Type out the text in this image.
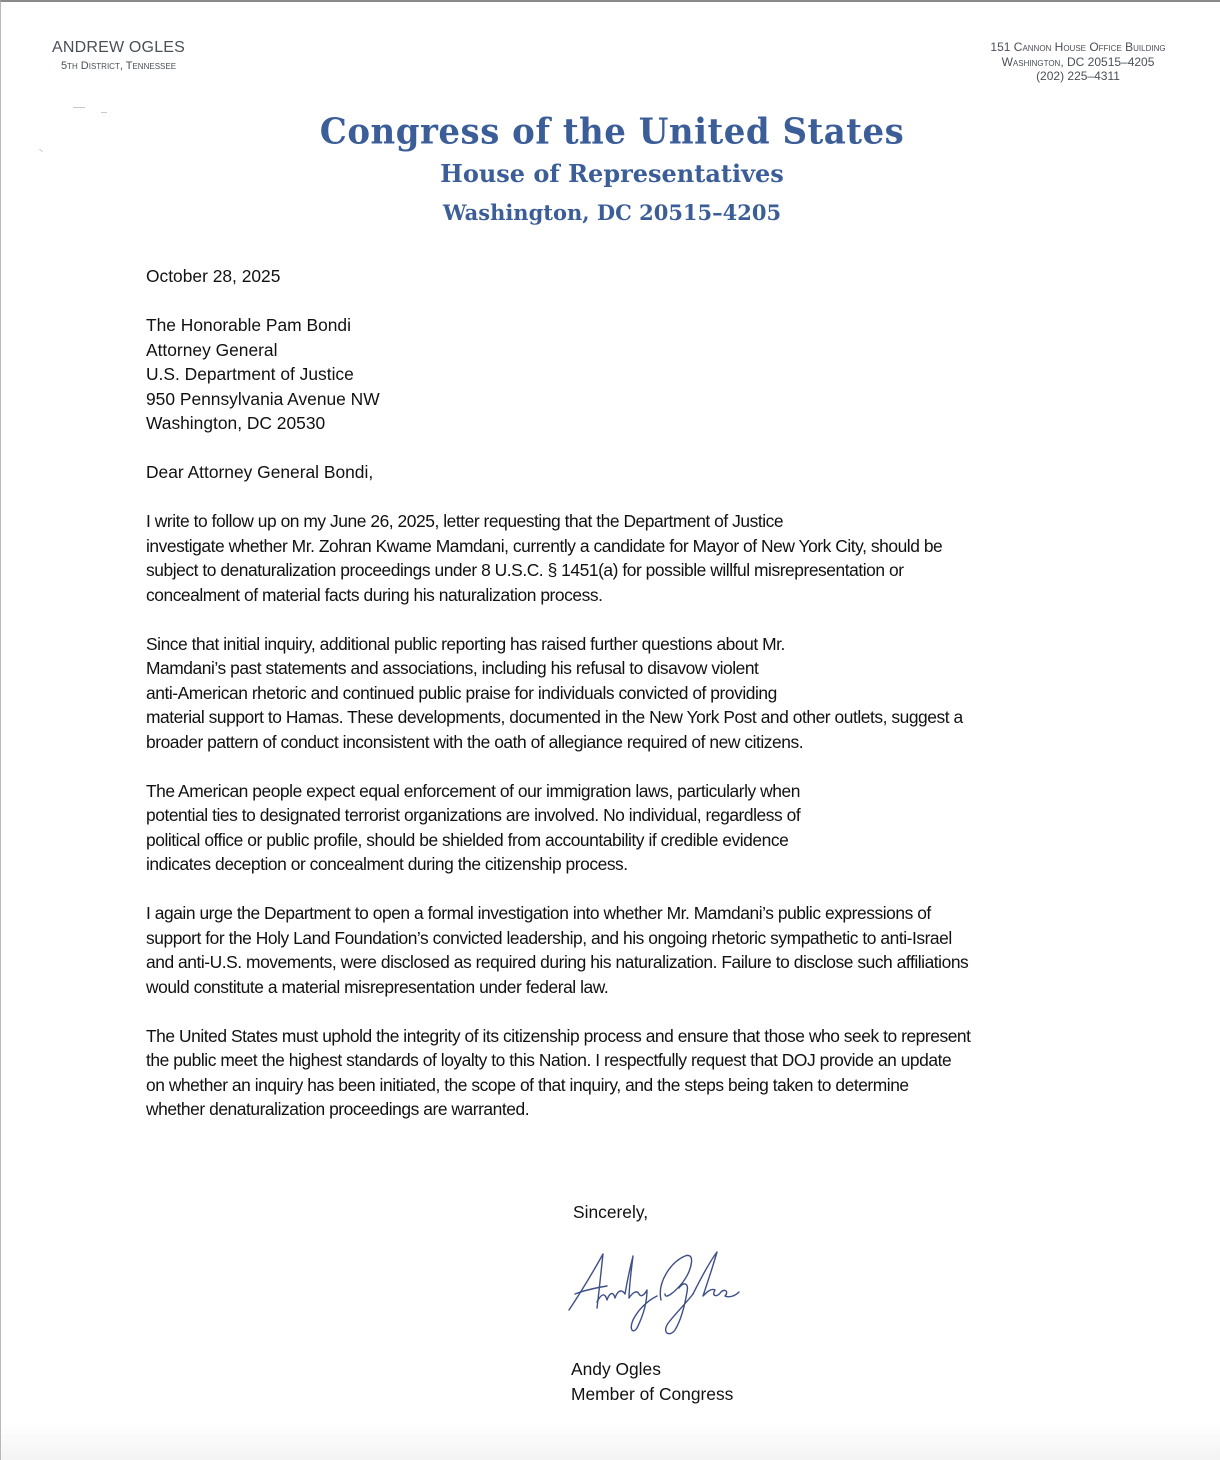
ANDREW OGLES
5th District, Tennessee
151 Cannon House Office Building
Washington, DC 20515–4205
(202) 225–4311
Congress of the United States
House of Representatives
Washington, DC 20515–4205

October 28, 2025

The Honorable Pam Bondi
Attorney General
U.S. Department of Justice
950 Pennsylvania Avenue NW
Washington, DC 20530

Dear Attorney General Bondi,

I write to follow up on my June 26, 2025, letter requesting that the Department of Justice
investigate whether Mr. Zohran Kwame Mamdani, currently a candidate for Mayor of New York City, should be
subject to denaturalization proceedings under 8 U.S.C. § 1451(a) for possible willful misrepresentation or
concealment of material facts during his naturalization process.

Since that initial inquiry, additional public reporting has raised further questions about Mr.
Mamdani’s past statements and associations, including his refusal to disavow violent
anti-American rhetoric and continued public praise for individuals convicted of providing
material support to Hamas. These developments, documented in the New York Post and other outlets, suggest a
broader pattern of conduct inconsistent with the oath of allegiance required of new citizens.

The American people expect equal enforcement of our immigration laws, particularly when
potential ties to designated terrorist organizations are involved. No individual, regardless of
political office or public profile, should be shielded from accountability if credible evidence
indicates deception or concealment during the citizenship process.

I again urge the Department to open a formal investigation into whether Mr. Mamdani’s public expressions of
support for the Holy Land Foundation’s convicted leadership, and his ongoing rhetoric sympathetic to anti-Israel
and anti-U.S. movements, were disclosed as required during his naturalization. Failure to disclose such affiliations
would constitute a material misrepresentation under federal law.

The United States must uphold the integrity of its citizenship process and ensure that those who seek to represent
the public meet the highest standards of loyalty to this Nation. I respectfully request that DOJ provide an update
on whether an inquiry has been initiated, the scope of that inquiry, and the steps being taken to determine
whether denaturalization proceedings are warranted.

Sincerely,
Andy Ogles
Member of Congress
